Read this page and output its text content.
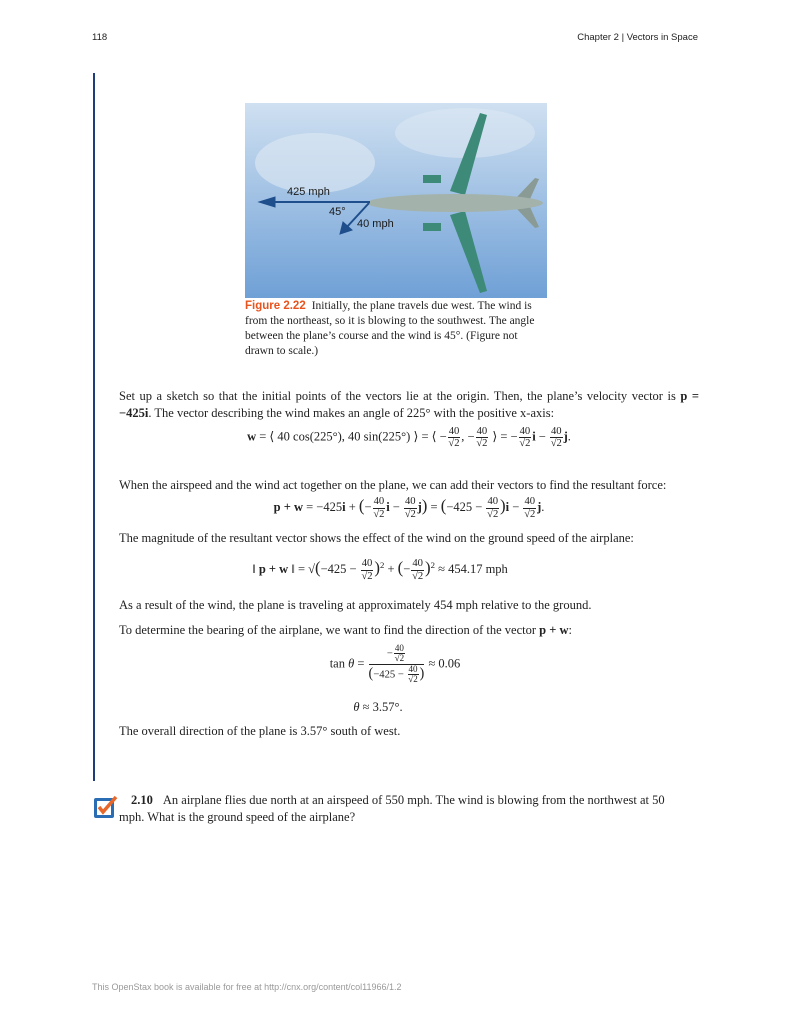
118	Chapter 2 | Vectors in Space
425 mph
45°
40 mph
Figure 2.22 Initially, the plane travels due west. The wind is from the northeast, so it is blowing to the southwest. The angle between the plane’s course and the wind is 45°. (Figure not drawn to scale.)
Set up a sketch so that the initial points of the vectors lie at the origin. Then, the plane’s velocity vector is p = −425i. The vector describing the wind makes an angle of 225° with the positive x-axis:
w = ⟨ 40 cos(225°), 40 sin(225°) ⟩ = ⟨ − $\frac{40}{√2}$ , − $\frac{40}{√2}$ ⟩ = − $\frac{40}{√2}$ $i - \frac{40}{√2} j$.
When the airspeed and the wind act together on the plane, we can add their vectors to find the resultant force:
p + w = −425i + (− $\frac{40}{√2}$ $i - \frac{40}{√2} j) = (-425 - \frac{40}{√2} )i - \frac{40}{√2} j$.
The magnitude of the resultant vector shows the effect of the wind on the ground speed of the airplane:
‖ p + w ‖ = $√(-425 - \frac{40}{√2} )^2$ + (− $\frac{40}{√2} )^2 \approx 454.17$ mph
As a result of the wind, the plane is traveling at approximately 454 mph relative to the ground.
To determine the bearing of the airplane, we want to find the direction of the vector p + w:
$\tan \theta = \frac{- \frac{40}{√2}}{(-425 - \frac{40}{√2} )} \approx 0.06$
θ ≈ 3.57°.
The overall direction of the plane is 3.57° south of west.
2.10 An airplane flies due north at an airspeed of 550 mph. The wind is blowing from the northwest at 50 mph. What is the ground speed of the airplane?
This OpenStax book is available for free at http://cnx.org/content/col11966/1.2
